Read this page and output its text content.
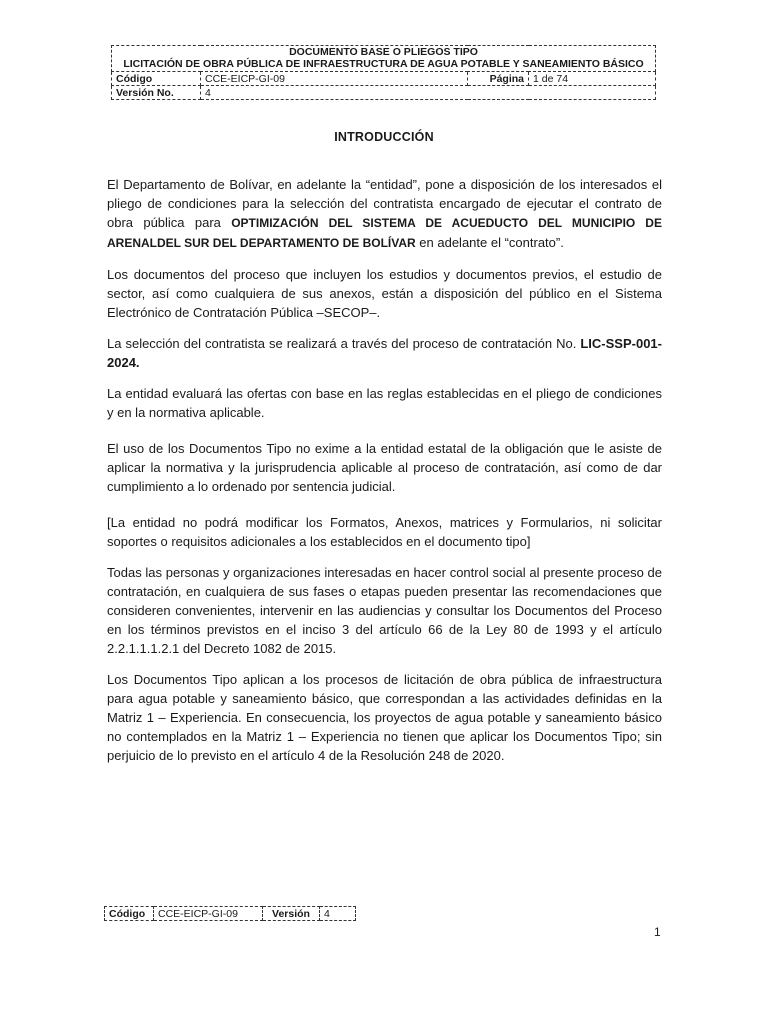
DOCUMENTO BASE O PLIEGOS TIPO
LICITACIÓN DE OBRA PÚBLICA DE INFRAESTRUCTURA DE AGUA POTABLE Y SANEAMIENTO BÁSICO			

Código	CCE-EICP-GI-09	Página	1 de 74
Versión No.	4		
INTRODUCCIÓN

El Departamento de Bolívar, en adelante la “entidad”, pone a disposición de los interesados el pliego de condiciones para la selección del contratista encargado de ejecutar el contrato de obra pública para OPTIMIZACIÓN DEL SISTEMA DE ACUEDUCTO DEL MUNICIPIO DE ARENALDEL SUR DEL DEPARTAMENTO DE BOLÍVAR en adelante el “contrato”.

Los documentos del proceso que incluyen los estudios y documentos previos, el estudio de sector, así como cualquiera de sus anexos, están a disposición del público en el Sistema Electrónico de Contratación Pública –SECOP–.

La selección del contratista se realizará a través del proceso de contratación No. LIC-SSP-001-2024.

La entidad evaluará las ofertas con base en las reglas establecidas en el pliego de condiciones y en la normativa aplicable.

El uso de los Documentos Tipo no exime a la entidad estatal de la obligación que le asiste de aplicar la normativa y la jurisprudencia aplicable al proceso de contratación, así como de dar cumplimiento a lo ordenado por sentencia judicial.

[La entidad no podrá modificar los Formatos, Anexos, matrices y Formularios, ni solicitar soportes o requisitos adicionales a los establecidos en el documento tipo]

Todas las personas y organizaciones interesadas en hacer control social al presente proceso de contratación, en cualquiera de sus fases o etapas pueden presentar las recomendaciones que consideren convenientes, intervenir en las audiencias y consultar los Documentos del Proceso en los términos previstos en el inciso 3 del artículo 66 de la Ley 80 de 1993 y el artículo 2.2.1.1.1.2.1 del Decreto 1082 de 2015.

Los Documentos Tipo aplican a los procesos de licitación de obra pública de infraestructura para agua potable y saneamiento básico, que correspondan a las actividades definidas en la Matriz 1 – Experiencia. En consecuencia, los proyectos de agua potable y saneamiento básico no contemplados en la Matriz 1 – Experiencia no tienen que aplicar los Documentos Tipo; sin perjuicio de lo previsto en el artículo 4 de la Resolución 248 de 2020.

Código	CCE-EICP-GI-09	Versión	4
1
